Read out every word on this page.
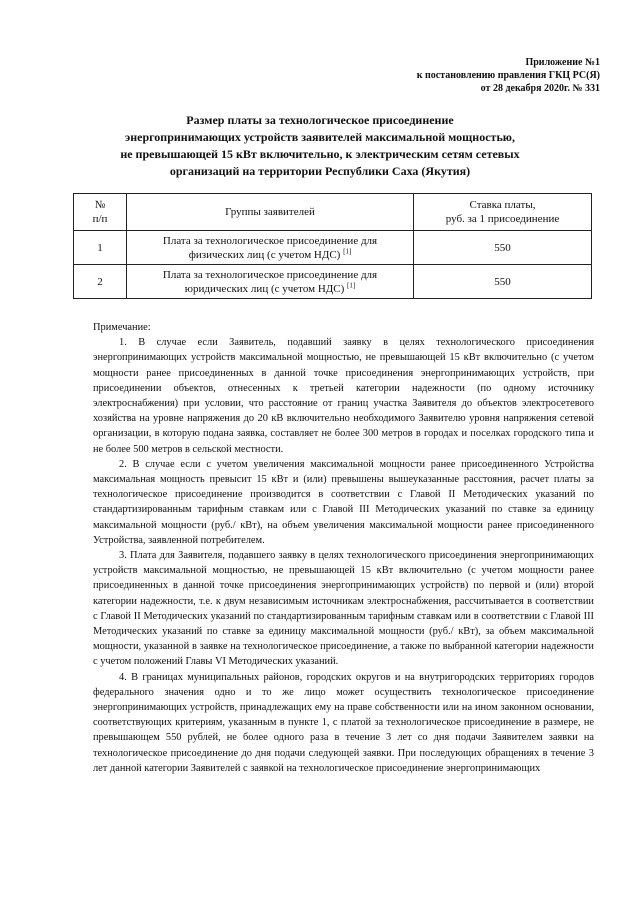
Приложение №1
к постановлению правления ГКЦ РС(Я)
от 28 декабря 2020г. № 331
Размер платы за технологическое присоединение
энергопринимающих устройств заявителей максимальной мощностью,
не превышающей 15 кВт включительно, к электрическим сетям сетевых
организаций на территории Республики Саха (Якутия)
№
п/п	Группы заявителей	Ставка платы,
руб. за 1 присоединение
1	Плата за технологическое присоединение для
физических лиц (с учетом НДС) [1]	550
2	Плата за технологическое присоединение для
юридических лиц (с учетом НДС) [1]	550

Примечание:

1. В случае если Заявитель, подавший заявку в целях технологического присоединения энергопринимающих устройств максимальной мощностью, не превышающей 15 кВт включительно (с учетом мощности ранее присоединенных в данной точке присоединения энергопринимающих устройств, при присоединении объектов, отнесенных к третьей категории надежности (по одному источнику электроснабжения) при условии, что расстояние от границ участка Заявителя до объектов электросетевого хозяйства на уровне напряжения до 20 кВ включительно необходимого Заявителю уровня напряжения сетевой организации, в которую подана заявка, составляет не более 300 метров в городах и поселках городского типа и не более 500 метров в сельской местности.

2. В случае если с учетом увеличения максимальной мощности ранее присоединенного Устройства максимальная мощность превысит 15 кВт и (или) превышены вышеуказанные расстояния, расчет платы за технологическое присоединение производится в соответствии с Главой II Методических указаний по стандартизированным тарифным ставкам или с Главой III Методических указаний по ставке за единицу максимальной мощности (руб./ кВт), на объем увеличения максимальной мощности ранее присоединенного Устройства, заявленной потребителем.

3. Плата для Заявителя, подавшего заявку в целях технологического присоединения энергопринимающих устройств максимальной мощностью, не превышающей 15 кВт включительно (с учетом мощности ранее присоединенных в данной точке присоединения энергопринимающих устройств) по первой и (или) второй категории надежности, т.е. к двум независимым источникам электроснабжения, рассчитывается в соответствии с Главой II Методических указаний по стандартизированным тарифным ставкам или в соответствии с Главой III Методических указаний по ставке за единицу максимальной мощности (руб./ кВт), за объем максимальной мощности, указанной в заявке на технологическое присоединение, а также по выбранной категории надежности с учетом положений Главы VI Методических указаний.

4. В границах муниципальных районов, городских округов и на внутригородских территориях городов федерального значения одно и то же лицо может осуществить технологическое присоединение энергопринимающих устройств, принадлежащих ему на праве собственности или на ином законном основании, соответствующих критериям, указанным в пункте 1, с платой за технологическое присоединение в размере, не превышающем 550 рублей, не более одного раза в течение 3 лет со дня подачи Заявителем заявки на технологическое присоединение до дня подачи следующей заявки. При последующих обращениях в течение 3 лет данной категории Заявителей с заявкой на технологическое присоединение энергопринимающих
